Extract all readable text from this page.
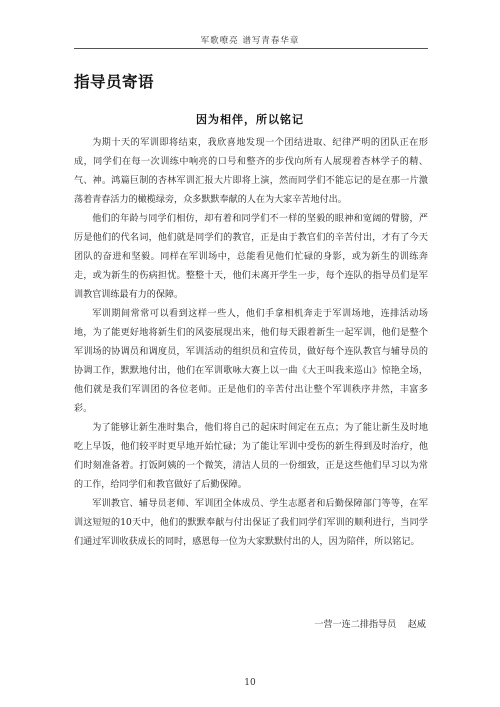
军歌嘹亮 谱写青春华章
指导员寄语
因为相伴，所以铭记

为期十天的军训即将结束，我欣喜地发现一个团结进取、纪律严明的团队正在形成，同学们在每一次训练中响亮的口号和整齐的步伐向所有人展现着杏林学子的精、气、神。鸿篇巨制的杏林军训汇报大片即将上演，然而同学们不能忘记的是在那一片激荡着青春活力的橄榄绿旁，众多默默奉献的人在为大家辛苦地付出。

他们的年龄与同学们相仿，却有着和同学们不一样的坚毅的眼神和宽阔的臂膀，严厉是他们的代名词，他们就是同学们的教官，正是由于教官们的辛苦付出，才有了今天团队的奋进和坚毅。同样在军训场中，总能看见他们忙碌的身影，或为新生的训练奔走，或为新生的伤病担忧。整整十天，他们未离开学生一步，每个连队的指导员们是军训教官训练最有力的保障。

军训期间常常可以看到这样一些人，他们手拿相机奔走于军训场地，连排活动场地，为了能更好地将新生们的风姿展现出来，他们每天跟着新生一起军训，他们是整个军训场的协调员和调度员，军训活动的组织员和宣传员，做好每个连队教官与辅导员的协调工作，默默地付出，他们在军训歌咏大赛上以一曲《大王叫我来巡山》惊艳全场，他们就是我们军训团的各位老师。正是他们的辛苦付出让整个军训秩序井然，丰富多彩。

为了能够让新生准时集合，他们将自己的起床时间定在五点；为了能让新生及时地吃上早饭，他们较平时更早地开始忙碌；为了能让军训中受伤的新生得到及时治疗，他们时刻准备着。打饭阿姨的一个微笑，清洁人员的一份细致，正是这些他们早习以为常的工作，给同学们和教官做好了后勤保障。

军训教官、辅导员老师、军训团全体成员、学生志愿者和后勤保障部门等等，在军训这短短的10天中，他们的默默奉献与付出保证了我们同学们军训的顺利进行，当同学们通过军训收获成长的同时，感恩每一位为大家默默付出的人，因为陪伴，所以铭记。

一营一连二排指导员    赵威
10
